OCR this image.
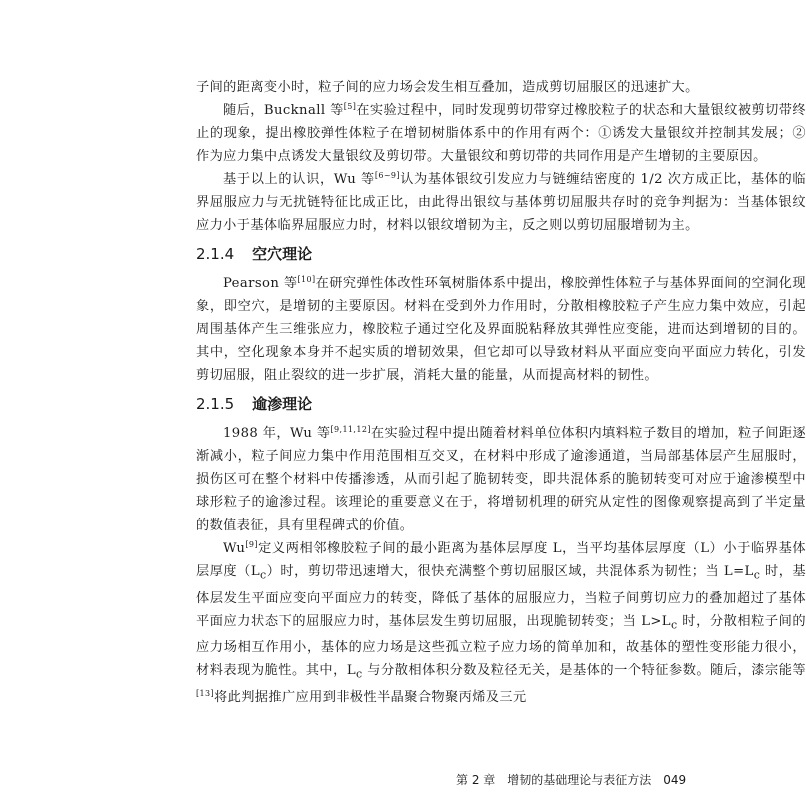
子间的距离变小时，粒子间的应力场会发生相互叠加，造成剪切屈服区的迅速扩大。

随后，Bucknall 等[5]在实验过程中，同时发现剪切带穿过橡胶粒子的状态和大量银纹被剪切带终止的现象，提出橡胶弹性体粒子在增韧树脂体系中的作用有两个：①诱发大量银纹并控制其发展；②作为应力集中点诱发大量银纹及剪切带。大量银纹和剪切带的共同作用是产生增韧的主要原因。

基于以上的认识，Wu 等[6~9]认为基体银纹引发应力与链缠结密度的 1/2 次方成正比，基体的临界屈服应力与无扰链特征比成正比，由此得出银纹与基体剪切屈服共存时的竞争判据为：当基体银纹应力小于基体临界屈服应力时，材料以银纹增韧为主，反之则以剪切屈服增韧为主。

2.1.4 空穴理论

Pearson 等[10]在研究弹性体改性环氧树脂体系中提出，橡胶弹性体粒子与基体界面间的空洞化现象，即空穴，是增韧的主要原因。材料在受到外力作用时，分散相橡胶粒子产生应力集中效应，引起周围基体产生三维张应力，橡胶粒子通过空化及界面脱粘释放其弹性应变能，进而达到增韧的目的。其中，空化现象本身并不起实质的增韧效果，但它却可以导致材料从平面应变向平面应力转化，引发剪切屈服，阻止裂纹的进一步扩展，消耗大量的能量，从而提高材料的韧性。

2.1.5 逾渗理论

1988 年，Wu 等[9,11,12]在实验过程中提出随着材料单位体积内填料粒子数目的增加，粒子间距逐渐减小，粒子间应力集中作用范围相互交叉，在材料中形成了逾渗通道，当局部基体层产生屈服时，损伤区可在整个材料中传播渗透，从而引起了脆韧转变，即共混体系的脆韧转变可对应于逾渗模型中球形粒子的逾渗过程。该理论的重要意义在于，将增韧机理的研究从定性的图像观察提高到了半定量的数值表征，具有里程碑式的价值。

Wu[9]定义两相邻橡胶粒子间的最小距离为基体层厚度 L，当平均基体层厚度（L）小于临界基体层厚度$(L_c)$时，剪切带迅速增大，很快充满整个剪切屈服区域，共混体系为韧性；当 $L=L_c$ 时，基体层发生平面应变向平面应力的转变，降低了基体的屈服应力，当粒子间剪切应力的叠加超过了基体平面应力状态下的屈服应力时，基体层发生剪切屈服，出现脆韧转变；当 $L>L_c$ 时，分散相粒子间的应力场相互作用小，基体的应力场是这些孤立粒子应力场的简单加和，故基体的塑性变形能力很小，材料表现为脆性。其中，$L_c$ 与分散相体积分数及粒径无关，是基体的一个特征参数。随后，漆宗能等[13]将此判据推广应用到非极性半晶聚合物聚丙烯及三元

第 2 章 增韧的基础理论与表征方法 049
